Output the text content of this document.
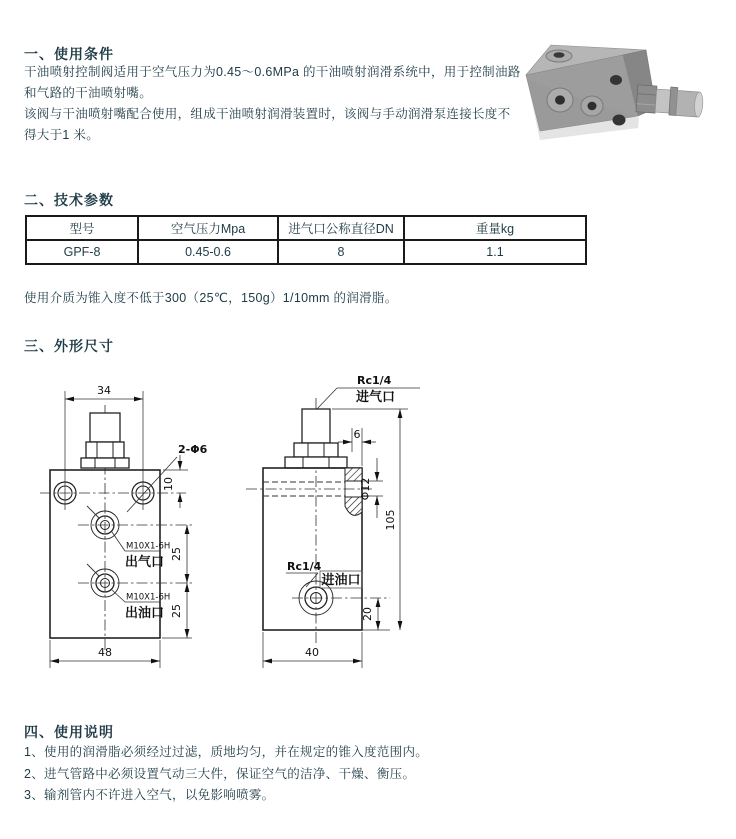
一、使用条件
干油喷射控制阀适用于空气压力为0.45～0.6MPa 的干油喷射润滑系统中，用于控制油路和气路的干油喷射嘴。
该阀与干油喷射嘴配合使用，组成干油喷射润滑装置时，该阀与手动润滑泵连接长度不得大于1 米。
二、技术参数
型号	空气压力Mpa	进气口公称直径DN	重量kg
GPF-8	0.45-0.6	8	1.1
使用介质为锥入度不低于300（25℃，150g）1/10mm 的润滑脂。
三、外形尺寸
34
2-Φ6
10
M10X1-6H
出气口
M10X1-6H
出油口
25
25
48
Rc1/4
进气口
6
Φ12
105
Rc1/4
进油口
20
40
四、使用说明
1、使用的润滑脂必须经过过滤，质地均匀，并在规定的锥入度范围内。
2、进气管路中必须设置气动三大件，保证空气的洁净、干燥、衡压。
3、输剂管内不许进入空气，以免影响喷雾。
